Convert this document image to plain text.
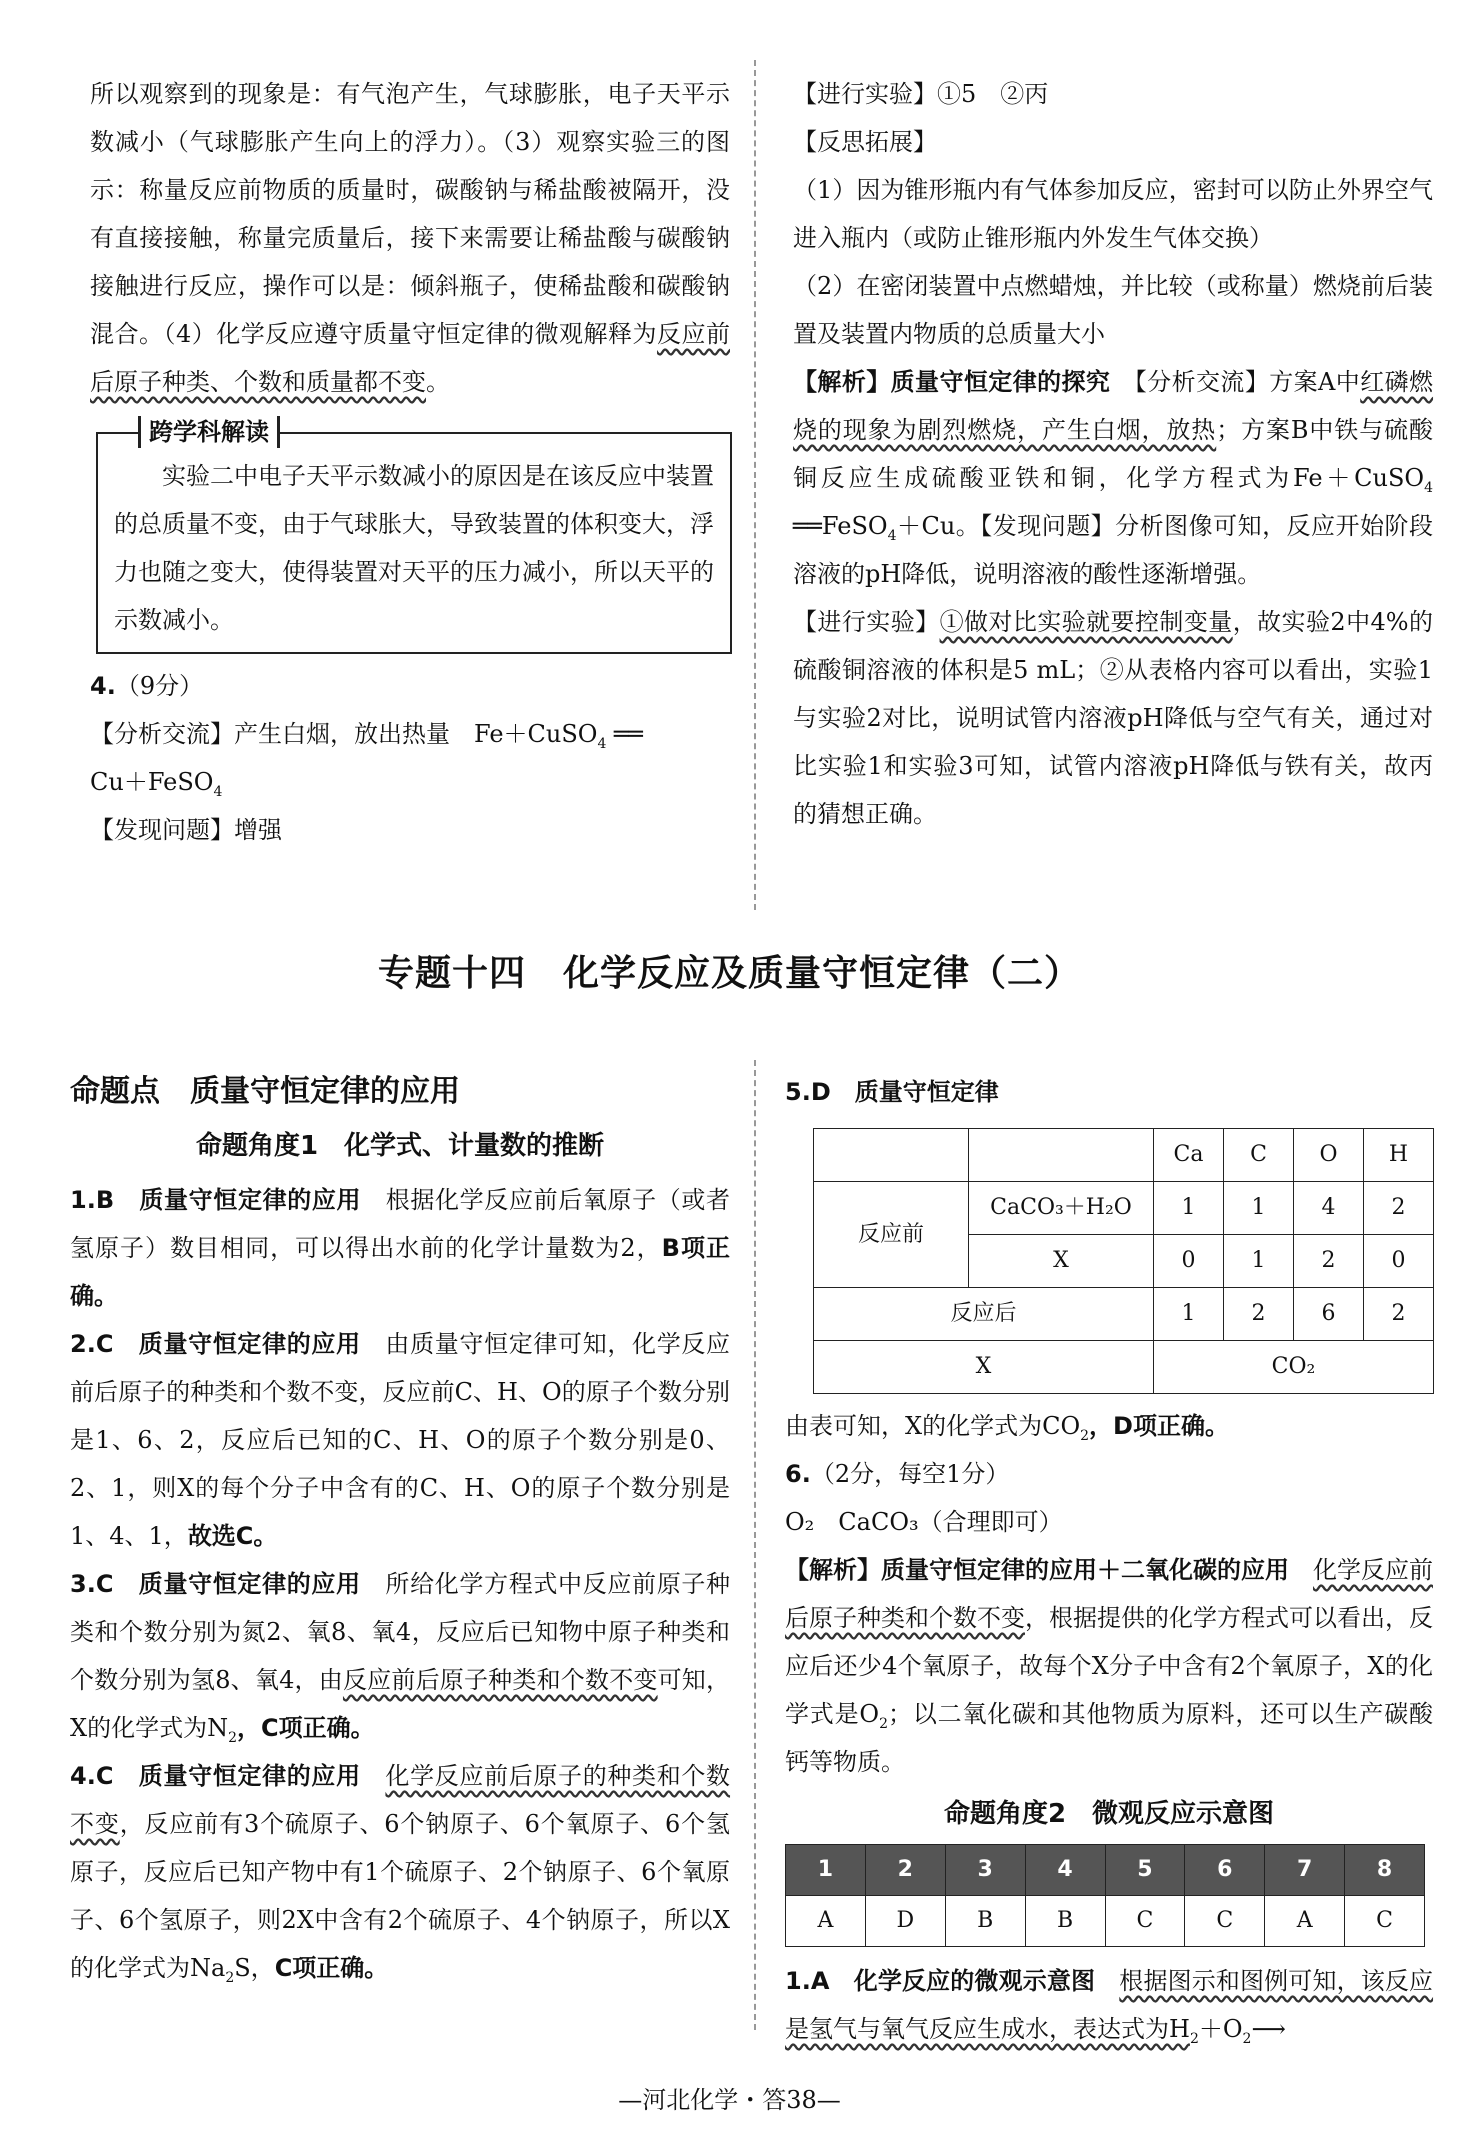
所以观察到的现象是：有气泡产生，气球膨胀，电子天平示数减小（气球膨胀产生向上的浮力）。（3）观察实验三的图示：称量反应前物质的质量时，碳酸钠与稀盐酸被隔开，没有直接接触，称量完质量后，接下来需要让稀盐酸与碳酸钠接触进行反应，操作可以是：倾斜瓶子，使稀盐酸和碳酸钠混合。（4）化学反应遵守质量守恒定律的微观解释为反应前后原子种类、个数和质量都不变。

跨学科解读

实验二中电子天平示数减小的原因是在该反应中装置的总质量不变，由于气球胀大，导致装置的体积变大，浮力也随之变大，使得装置对天平的压力减小，所以天平的示数减小。

4.（9分）

【分析交流】产生白烟，放出热量　 Fe＋CuSO$_4$ ══
Cu＋FeSO$_4$

【发现问题】增强

【进行实验】①5　②丙

【反思拓展】

（1）因为锥形瓶内有气体参加反应，密封可以防止外界空气进入瓶内（或防止锥形瓶内外发生气体交换）

（2）在密闭装置中点燃蜡烛，并比较（或称量）燃烧前后装置及装置内物质的总质量大小

【解析】质量守恒定律的探究　 【分析交流】方案A中红磷燃烧的现象为剧烈燃烧，产生白烟，放热；方案B中铁与硫酸铜反应生成硫酸亚铁和铜，化学方程式为Fe＋CuSO$_4$ ══FeSO$_4$＋Cu。【发现问题】分析图像可知，反应开始阶段溶液的pH降低，说明溶液的酸性逐渐增强。

【进行实验】①做对比实验就要控制变量，故实验2中4%的硫酸铜溶液的体积是5 mL；②从表格内容可以看出，实验1与实验2对比，说明试管内溶液pH降低与空气有关，通过对比实验1和实验3可知，试管内溶液pH降低与铁有关，故丙的猜想正确。

专题十四　化学反应及质量守恒定律（二）
命题点　质量守恒定律的应用
命题角度1　化学式、计量数的推断

1.B　 质量守恒定律的应用　 根据化学反应前后氧原子（或者氢原子）数目相同，可以得出水前的化学计量数为2，B项正确。

2.C　 质量守恒定律的应用　 由质量守恒定律可知，化学反应前后原子的种类和个数不变，反应前C、H、O的原子个数分别是1、6、2，反应后已知的C、H、O的原子个数分别是0、2、1，则X的每个分子中含有的C、H、O的原子个数分别是1、4、1，故选C。

3.C　 质量守恒定律的应用　 所给化学方程式中反应前原子种类和个数分别为氮2、氧8、氧4，反应后已知物中原子种类和个数分别为氢8、氧4，由反应前后原子种类和个数不变可知，X的化学式为$N_2$，C项正确。

4.C　 质量守恒定律的应用　 化学反应前后原子的种类和个数不变，反应前有3个硫原子、6个钠原子、6个氧原子、6个氢原子，反应后已知产物中有1个硫原子、2个钠原子、6个氧原子、6个氢原子，则2X中含有2个硫原子、4个钠原子，所以X的化学式为$Na_2S$，C项正确。

5.D　 质量守恒定律

		Ca	C	O	H
反应前	CaCO₃＋H₂O	1	1	4	2
	X	0	1	2	0
反应后		1	2	6	2
X		CO₂			

由表可知，X的化学式为$CO_2$，D项正确。

6.（2分，每空1分）

O₂　CaCO₃（合理即可）

【解析】质量守恒定律的应用＋二氧化碳的应用　 化学反应前后原子种类和个数不变，根据提供的化学方程式可以看出，反应后还少4个氧原子，故每个X分子中含有2个氧原子，X的化学式是$O_2$；以二氧化碳和其他物质为原料，还可以生产碳酸钙等物质。

命题角度2　微观反应示意图
1	2	3	4	5	6	7	8
A	D	B	B	C	C	A	C

1.A　 化学反应的微观示意图　 根据图示和图例可知，该反应是氢气与氧气反应生成水，表达式为$H_2+O_2⟶$

—河北化学・答38—
